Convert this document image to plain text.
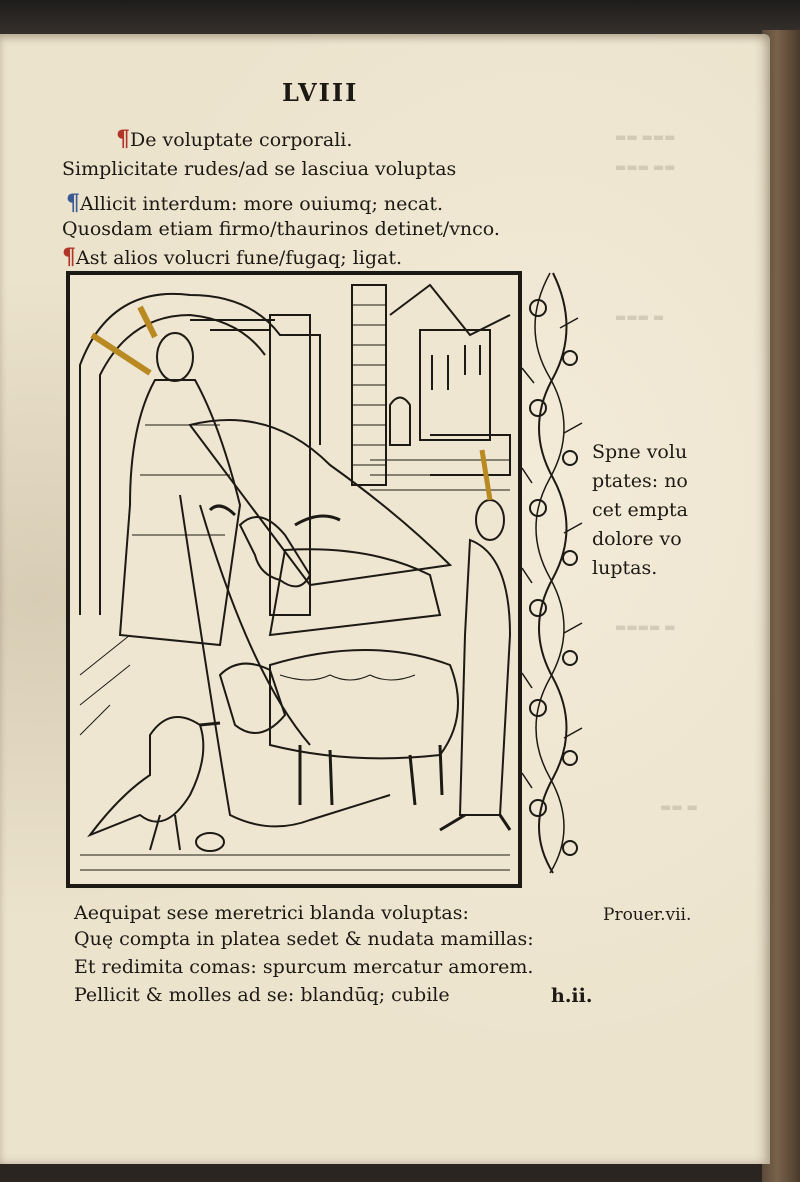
▬▬ ▬▬▬
▬▬▬ ▬▬
▬▬▬ ▬
▬▬▬▬ ▬
▬▬ ▬
LVIII
¶De voluptate corporali.
Simplicitate rudes/ad se lasciua voluptas
¶Allicit interdum: more ouiumq; necat.
Quosdam etiam firmo/thaurinos detinet/vnco.
¶Ast alios volucri fune/fugaq; ligat.
Spne volu
ptates: no
cet empta
dolore vo
luptas.
Aequipat sese meretrici blanda voluptas:
Quę compta in platea sedet & nudata mamillas:
Et redimita comas: spurcum mercatur amorem.
Pellicit & molles ad se: blandūq; cubile
Prouer.vii.
h.ii.
